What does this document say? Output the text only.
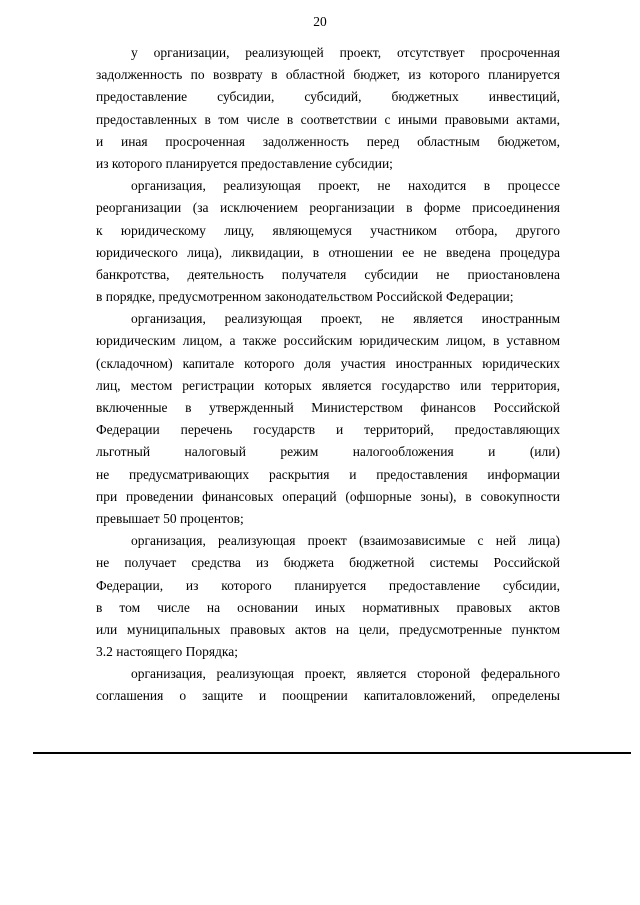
20
у организации, реализующей проект, отсутствует просроченная
задолженность по возврату в областной бюджет, из которого планируется
предоставление субсидии, субсидий, бюджетных инвестиций,
предоставленных в том числе в соответствии с иными правовыми актами,
и иная просроченная задолженность перед областным бюджетом,
из которого планируется предоставление субсидии;
организация, реализующая проект, не находится в процессе
реорганизации (за исключением реорганизации в форме присоединения
к юридическому лицу, являющемуся участником отбора, другого
юридического лица), ликвидации, в отношении ее не введена процедура
банкротства, деятельность получателя субсидии не приостановлена
в порядке, предусмотренном законодательством Российской Федерации;
организация, реализующая проект, не является иностранным
юридическим лицом, а также российским юридическим лицом, в уставном
(складочном) капитале которого доля участия иностранных юридических
лиц, местом регистрации которых является государство или территория,
включенные в утвержденный Министерством финансов Российской
Федерации перечень государств и территорий, предоставляющих
льготный налоговый режим налогообложения и (или)
не предусматривающих раскрытия и предоставления информации
при проведении финансовых операций (офшорные зоны), в совокупности
превышает 50 процентов;
организация, реализующая проект (взаимозависимые с ней лица)
не получает средства из бюджета бюджетной системы Российской
Федерации, из которого планируется предоставление субсидии,
в том числе на основании иных нормативных правовых актов
или муниципальных правовых актов на цели, предусмотренные пунктом
3.2 настоящего Порядка;
организация, реализующая проект, является стороной федерального
соглашения о защите и поощрении капиталовложений, определены
